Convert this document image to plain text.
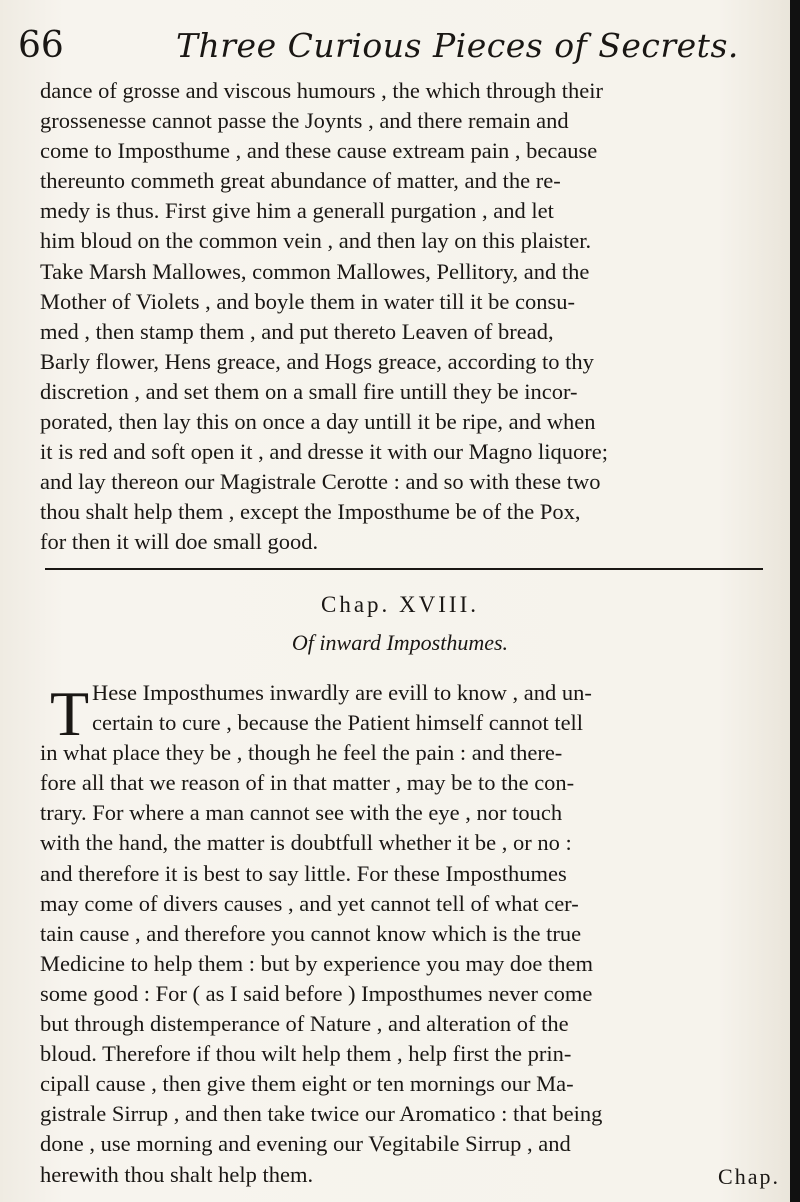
66	Three Curious Pieces of Secrets.
dance of grosse and viscous humours , the which through their
grossenesse cannot passe the Joynts , and there remain and
come to Imposthume , and these cause extream pain , because
thereunto commeth great abundance of matter, and the re-
medy is thus. First give him a generall purgation , and let
him bloud on the common vein , and then lay on this plaister.
Take Marsh Mallowes, common Mallowes, Pellitory, and the
Mother of Violets , and boyle them in water till it be consu-
med , then stamp them , and put thereto Leaven of bread,
Barly flower, Hens greace, and Hogs greace, according to thy
discretion , and set them on a small fire untill they be incor-
porated, then lay this on once a day untill it be ripe, and when
it is red and soft open it , and dresse it with our Magno liquore;
and lay thereon our Magistrale Cerotte : and so with these two
thou shalt help them , except the Imposthume be of the Pox,
for then it will doe small good.
Chap. XVIII.
Of inward Imposthumes.
T Hese Imposthumes inwardly are evill to know , and un-
certain to cure , because the Patient himself cannot tell
in what place they be , though he feel the pain : and there-
fore all that we reason of in that matter , may be to the con-
trary. For where a man cannot see with the eye , nor touch
with the hand, the matter is doubtfull whether it be , or no :
and therefore it is best to say little. For these Imposthumes
may come of divers causes , and yet cannot tell of what cer-
tain cause , and therefore you cannot know which is the true
Medicine to help them : but by experience you may doe them
some good : For ( as I said before ) Imposthumes never come
but through distemperance of Nature , and alteration of the
bloud. Therefore if thou wilt help them , help first the prin-
cipall cause , then give them eight or ten mornings our Ma-
gistrale Sirrup , and then take twice our Aromatico : that being
done , use morning and evening our Vegitabile Sirrup , and
herewith thou shalt help them.	Chap.
